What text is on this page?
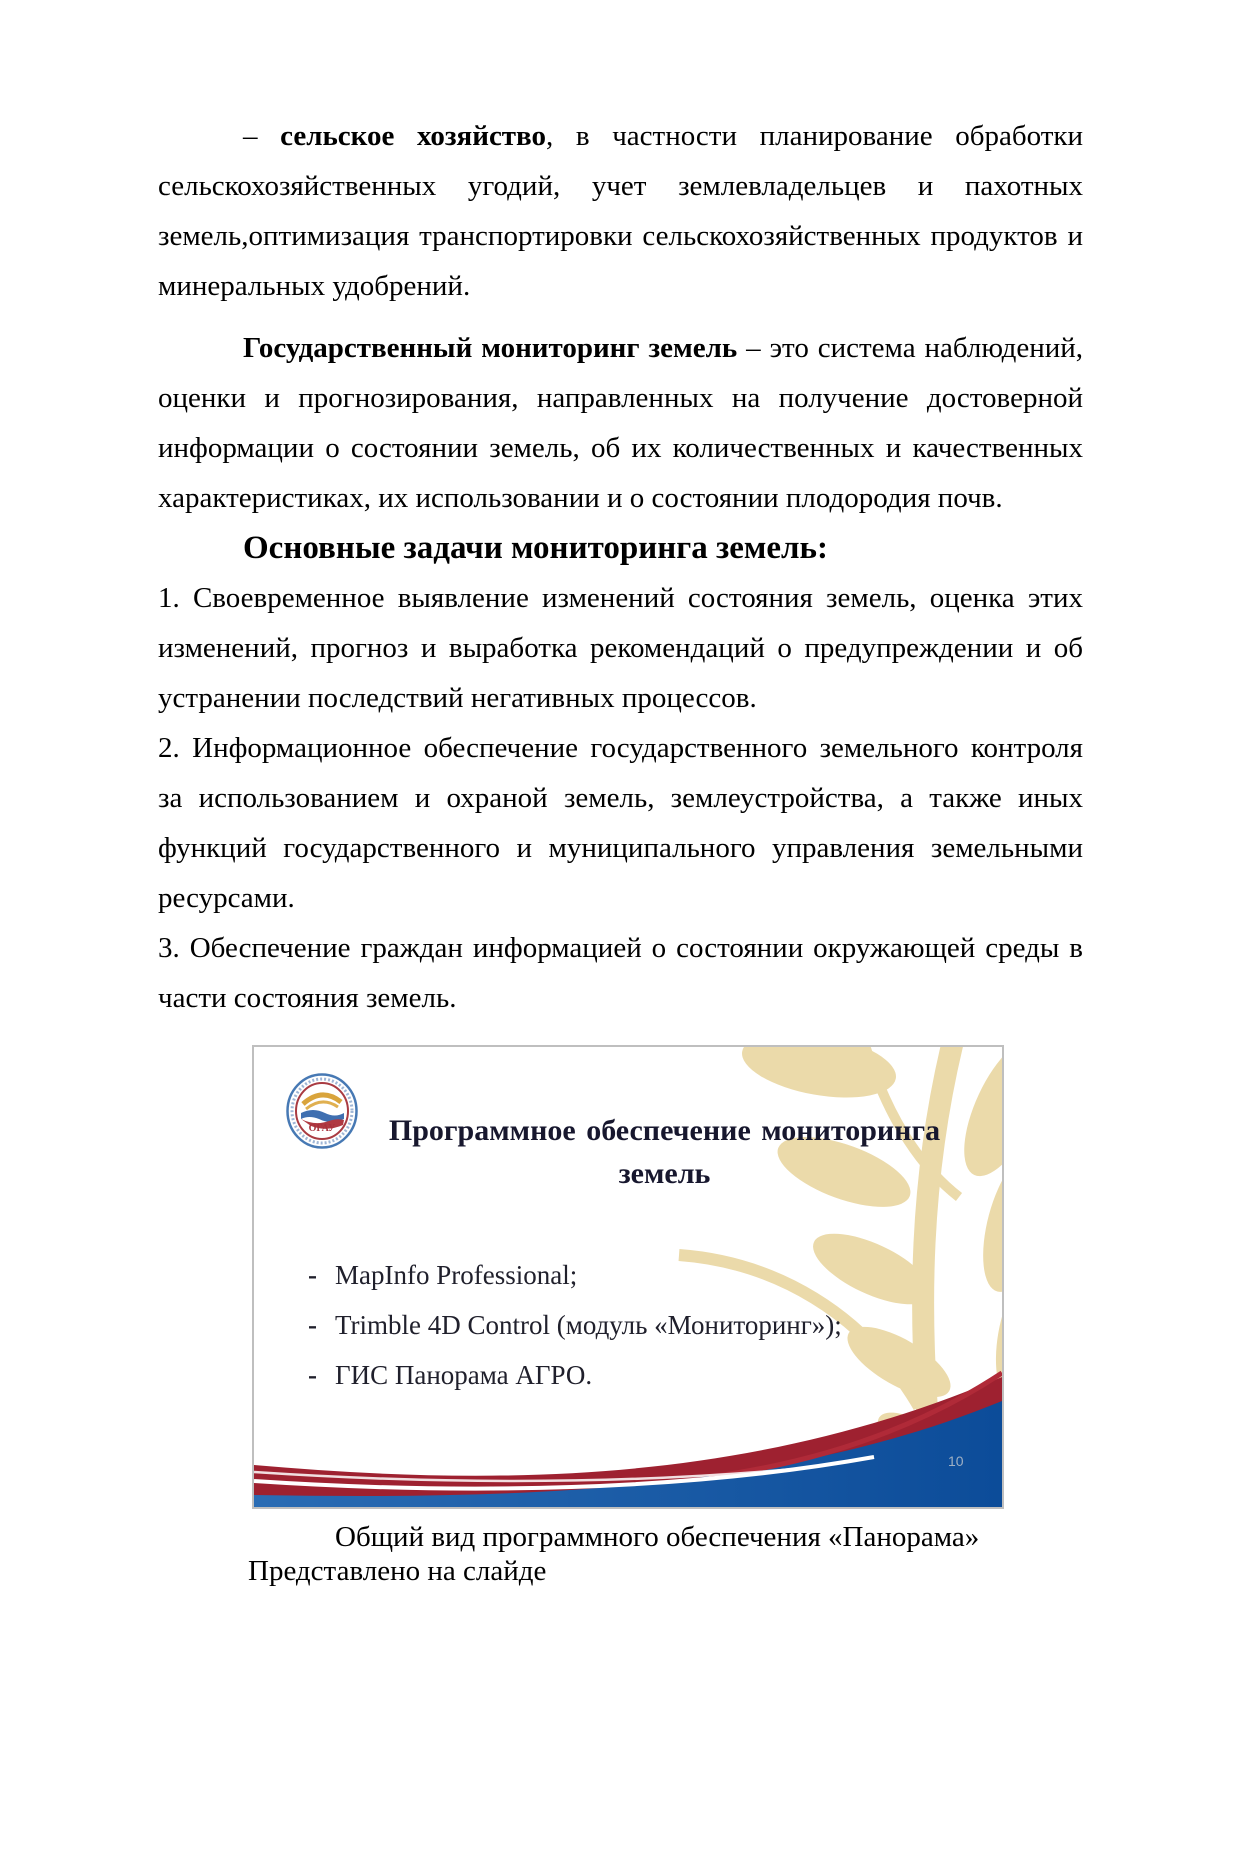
– сельское хозяйство, в частности планирование обработки сельскохозяйственных угодий, учет землевладельцев и пахотных земель,оптимизация транспортировки сельскохозяйственных продуктов и минеральных удобрений.

Государственный мониторинг земель – это система наблюдений, оценки и прогнозирования, направленных на получение достоверной информации о состоянии земель, об их количественных и качественных характеристиках, их использовании и о состоянии плодородия почв.

Основные задачи мониторинга земель:

1. Своевременное выявление изменений состояния земель, оценка этих изменений, прогноз и выработка рекомендаций о предупреждении и об устранении последствий негативных процессов.

2. Информационное обеспечение государственного земельного контроля за использованием и охраной земель, землеустройства, а также иных функций государственного и муниципального управления земельными ресурсами.

3. Обеспечение граждан информацией о состоянии окружающей среды в части состояния земель.

ОГАУ	Программное обеспечение мониторинга земель
- MapInfo Professional;
- Trimble 4D Control (модуль «Мониторинг»);
- ГИС Панорама АГРО.
10

Общий вид программного обеспечения «Панорама»
Представлено на слайде
